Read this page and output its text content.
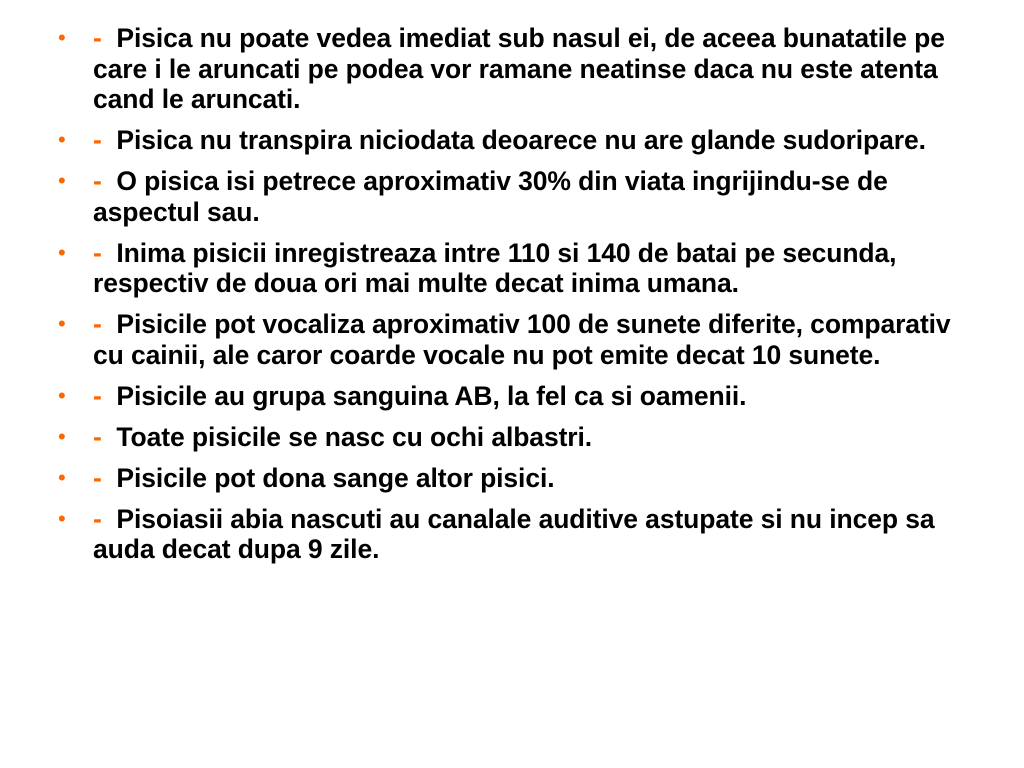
• - Pisica nu poate vedea imediat sub nasul ei, de aceea bunatatile pe care i le aruncati pe podea vor ramane neatinse daca nu este atenta cand le aruncati.
• - Pisica nu transpira niciodata deoarece nu are glande sudoripare.
• - O pisica isi petrece aproximativ 30% din viata ingrijindu-se de aspectul sau.
• - Inima pisicii inregistreaza intre 110 si 140 de batai pe secunda, respectiv de doua ori mai multe decat inima umana.
• - Pisicile pot vocaliza aproximativ 100 de sunete diferite, comparativ cu cainii, ale caror coarde vocale nu pot emite decat 10 sunete.
• - Pisicile au grupa sanguina AB, la fel ca si oamenii.
• - Toate pisicile se nasc cu ochi albastri.
• - Pisicile pot dona sange altor pisici.
• - Pisoiasii abia nascuti au canalale auditive astupate si nu incep sa auda decat dupa 9 zile.
